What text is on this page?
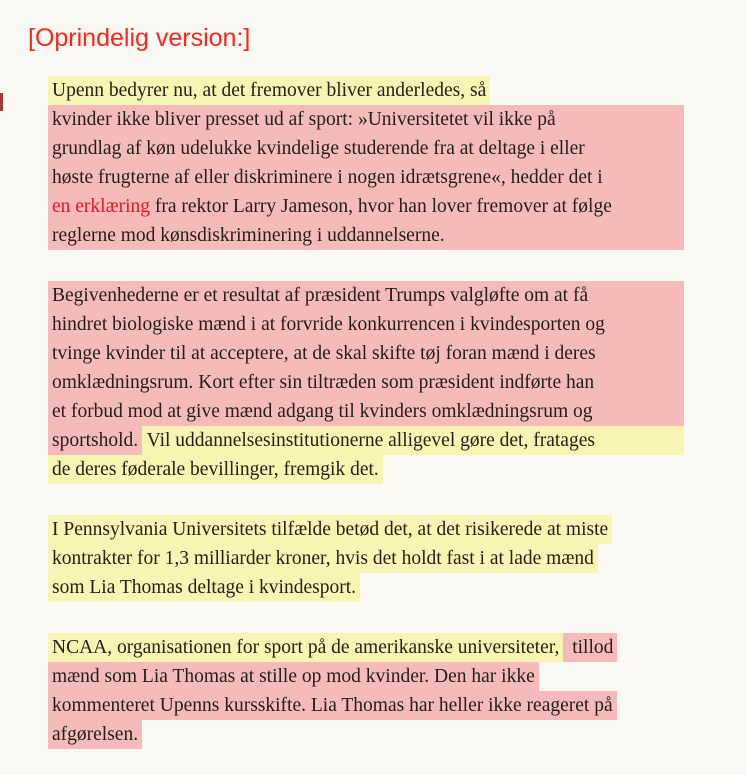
[Oprindelig version:]
Upenn bedyrer nu, at det fremover bliver anderledes, så
kvinder ikke bliver presset ud af sport: »Universitetet vil ikke på
grundlag af køn udelukke kvindelige studerende fra at deltage i eller
høste frugterne af eller diskriminere i nogen idrætsgrene«, hedder det i
en erklæring fra rektor Larry Jameson, hvor han lover fremover at følge
reglerne mod kønsdiskriminering i uddannelserne.
Begivenhederne er et resultat af præsident Trumps valgløfte om at få
hindret biologiske mænd i at forvride konkurrencen i kvindesporten og
tvinge kvinder til at acceptere, at de skal skifte tøj foran mænd i deres
omklædningsrum. Kort efter sin tiltræden som præsident indførte han
et forbud mod at give mænd adgang til kvinders omklædningsrum og
sportshold. Vil uddannelsesinstitutionerne alligevel gøre det, fratages
de deres føderale bevillinger, fremgik det.
I Pennsylvania Universitets tilfælde betød det, at det risikerede at miste
kontrakter for 1,3 milliarder kroner, hvis det holdt fast i at lade mænd
som Lia Thomas deltage i kvindesport.
NCAA, organisationen for sport på de amerikanske universiteter, tillod
mænd som Lia Thomas at stille op mod kvinder. Den har ikke
kommenteret Upenns kursskifte. Lia Thomas har heller ikke reageret på
afgørelsen.
